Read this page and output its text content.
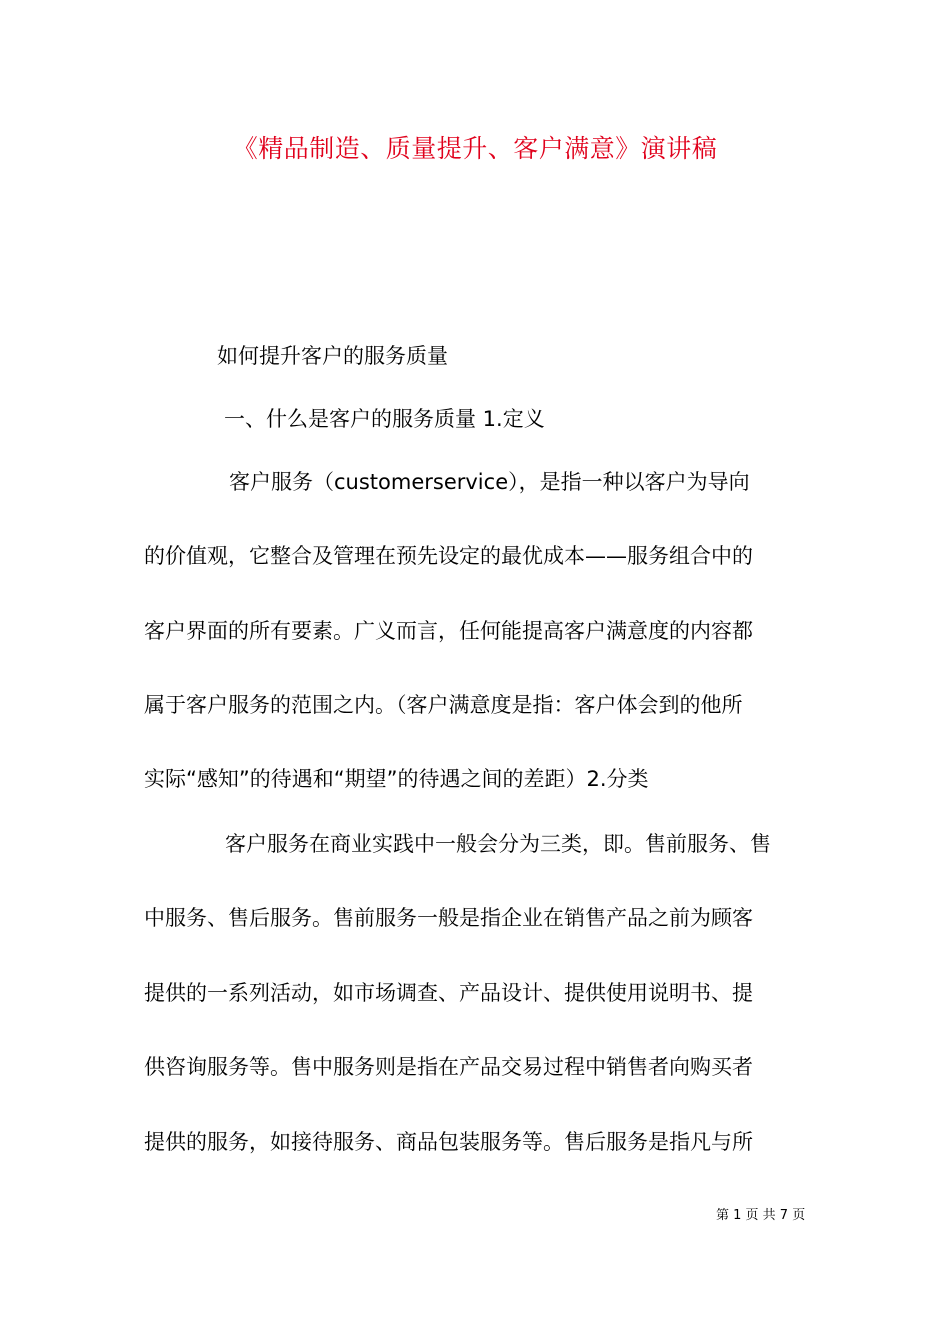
《精品制造、质量提升、客户满意》演讲稿
如何提升客户的服务质量
一、什么是客户的服务质量 1.定义
客户服务（customerservice），是指一种以客户为导向
的价值观，它整合及管理在预先设定的最优成本——服务组合中的
客户界面的所有要素。广义而言，任何能提高客户满意度的内容都
属于客户服务的范围之内。（客户满意度是指：客户体会到的他所
实际“感知”的待遇和“期望”的待遇之间的差距）2.分类
客户服务在商业实践中一般会分为三类，即。售前服务、售
中服务、售后服务。售前服务一般是指企业在销售产品之前为顾客
提供的一系列活动，如市场调查、产品设计、提供使用说明书、提
供咨询服务等。售中服务则是指在产品交易过程中销售者向购买者
提供的服务，如接待服务、商品包装服务等。售后服务是指凡与所
第 1 页 共 7 页
